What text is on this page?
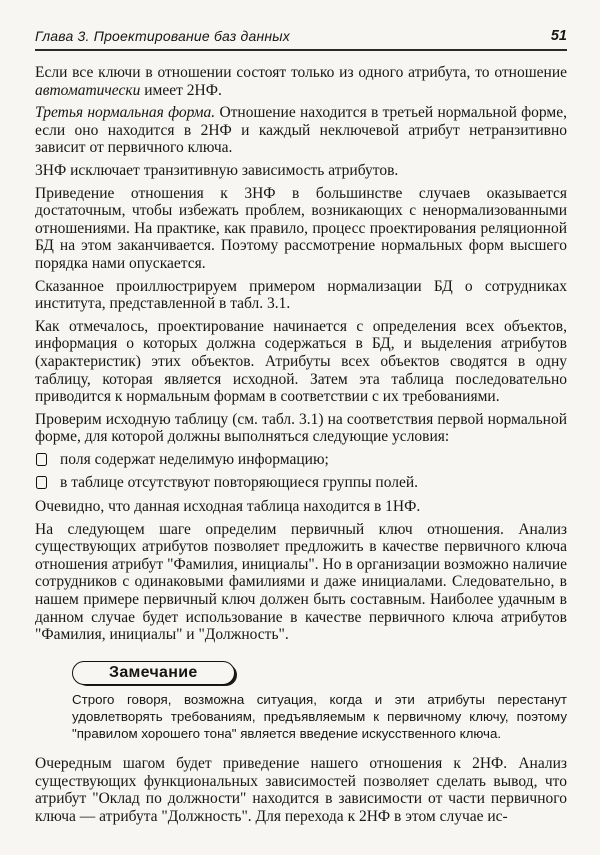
Глава 3. Проектирование баз данных	51

Если все ключи в отношении состоят только из одного атрибута, то отношение автоматически имеет 2НФ.

Третья нормальная форма. Отношение находится в третьей нормальной форме, если оно находится в 2НФ и каждый неключевой атрибут нетранзитивно зависит от первичного ключа.

3НФ исключает транзитивную зависимость атрибутов.

Приведение отношения к 3НФ в большинстве случаев оказывается достаточным, чтобы избежать проблем, возникающих с ненормализованными отношениями. На практике, как правило, процесс проектирования реляционной БД на этом заканчивается. Поэтому рассмотрение нормальных форм высшего порядка нами опускается.

Сказанное проиллюстрируем примером нормализации БД о сотрудниках института, представленной в табл. 3.1.

Как отмечалось, проектирование начинается с определения всех объектов, информация о которых должна содержаться в БД, и выделения атрибутов (характеристик) этих объектов. Атрибуты всех объектов сводятся в одну таблицу, которая является исходной. Затем эта таблица последовательно приводится к нормальным формам в соответствии с их требованиями.

Проверим исходную таблицу (см. табл. 3.1) на соответствия первой нормальной форме, для которой должны выполняться следующие условия:

поля содержат неделимую информацию;
в таблице отсутствуют повторяющиеся группы полей.

Очевидно, что данная исходная таблица находится в 1НФ.

На следующем шаге определим первичный ключ отношения. Анализ существующих атрибутов позволяет предложить в качестве первичного ключа отношения атрибут "Фамилия, инициалы". Но в организации возможно наличие сотрудников с одинаковыми фамилиями и даже инициалами. Следовательно, в нашем примере первичный ключ должен быть составным. Наиболее удачным в данном случае будет использование в качестве первичного ключа атрибутов "Фамилия, инициалы" и "Должность".

Замечание

Строго говоря, возможна ситуация, когда и эти атрибуты перестанут удовлетворять требованиям, предъявляемым к первичному ключу, поэтому "правилом хорошего тона" является введение искусственного ключа.

Очередным шагом будет приведение нашего отношения к 2НФ. Анализ существующих функциональных зависимостей позволяет сделать вывод, что атрибут "Оклад по должности" находится в зависимости от части первичного ключа — атрибута "Должность". Для перехода к 2НФ в этом случае ис-
